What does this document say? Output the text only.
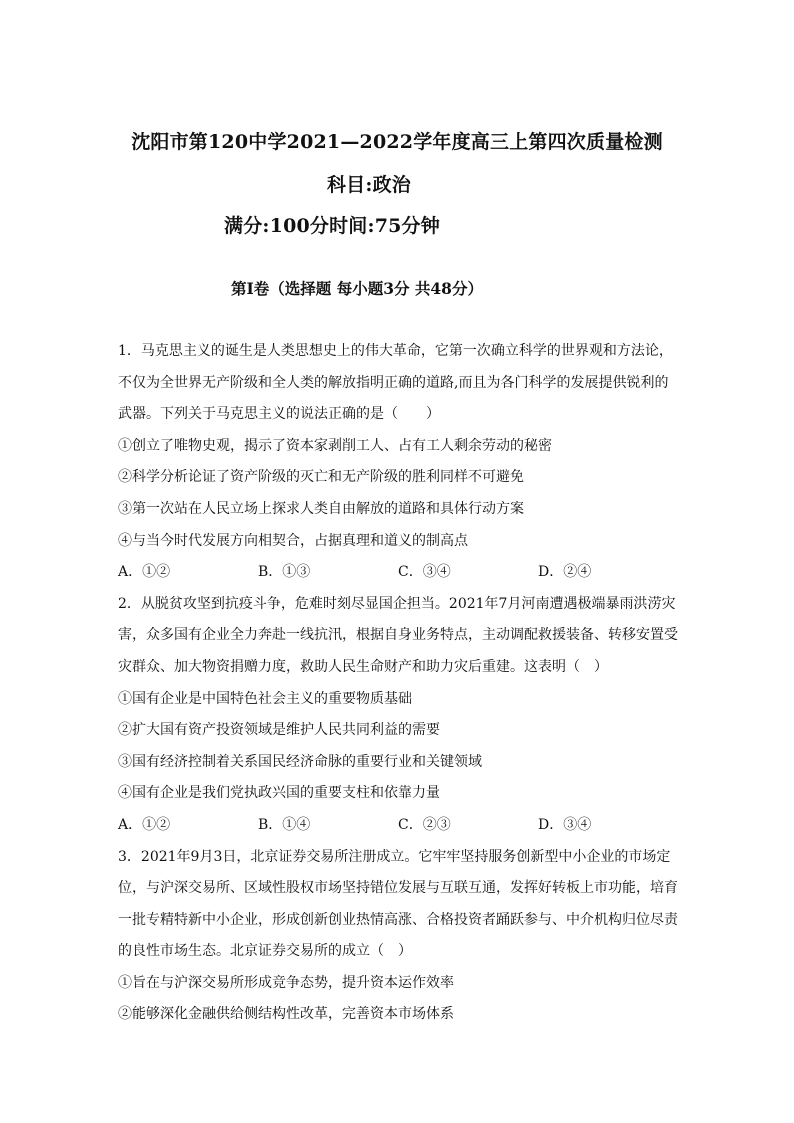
沈阳市第120中学2021—2022学年度高三上第四次质量检测
科目:政治
满分:100分时间:75分钟
第Ⅰ卷（选择题 每小题3分 共48分）
1．马克思主义的诞生是人类思想史上的伟大革命，它第一次确立科学的世界观和方法论，
不仅为全世界无产阶级和全人类的解放指明正确的道路,而且为各门科学的发展提供锐利的
武器。下列关于马克思主义的说法正确的是（　　）
①创立了唯物史观，揭示了资本家剥削工人、占有工人剩余劳动的秘密
②科学分析论证了资产阶级的灭亡和无产阶级的胜利同样不可避免
③第一次站在人民立场上探求人类自由解放的道路和具体行动方案
④与当今时代发展方向相契合，占据真理和道义的制高点
A．①②	B．①③	C．③④	D．②④
2．从脱贫攻坚到抗疫斗争，危难时刻尽显国企担当。2021年7月河南遭遇极端暴雨洪涝灾
害，众多国有企业全力奔赴一线抗汛，根据自身业务特点，主动调配救援装备、转移安置受
灾群众、加大物资捐赠力度，救助人民生命财产和助力灾后重建。这表明（　）
①国有企业是中国特色社会主义的重要物质基础
②扩大国有资产投资领域是维护人民共同利益的需要
③国有经济控制着关系国民经济命脉的重要行业和关键领域
④国有企业是我们党执政兴国的重要支柱和依靠力量
A．①②	B．①④	C．②③	D．③④
3．2021年9月3日，北京证券交易所注册成立。它牢牢坚持服务创新型中小企业的市场定
位，与沪深交易所、区域性股权市场坚持错位发展与互联互通，发挥好转板上市功能，培育
一批专精特新中小企业，形成创新创业热情高涨、合格投资者踊跃参与、中介机构归位尽责
的良性市场生态。北京证券交易所的成立（　）
①旨在与沪深交易所形成竞争态势，提升资本运作效率
②能够深化金融供给侧结构性改革，完善资本市场体系
